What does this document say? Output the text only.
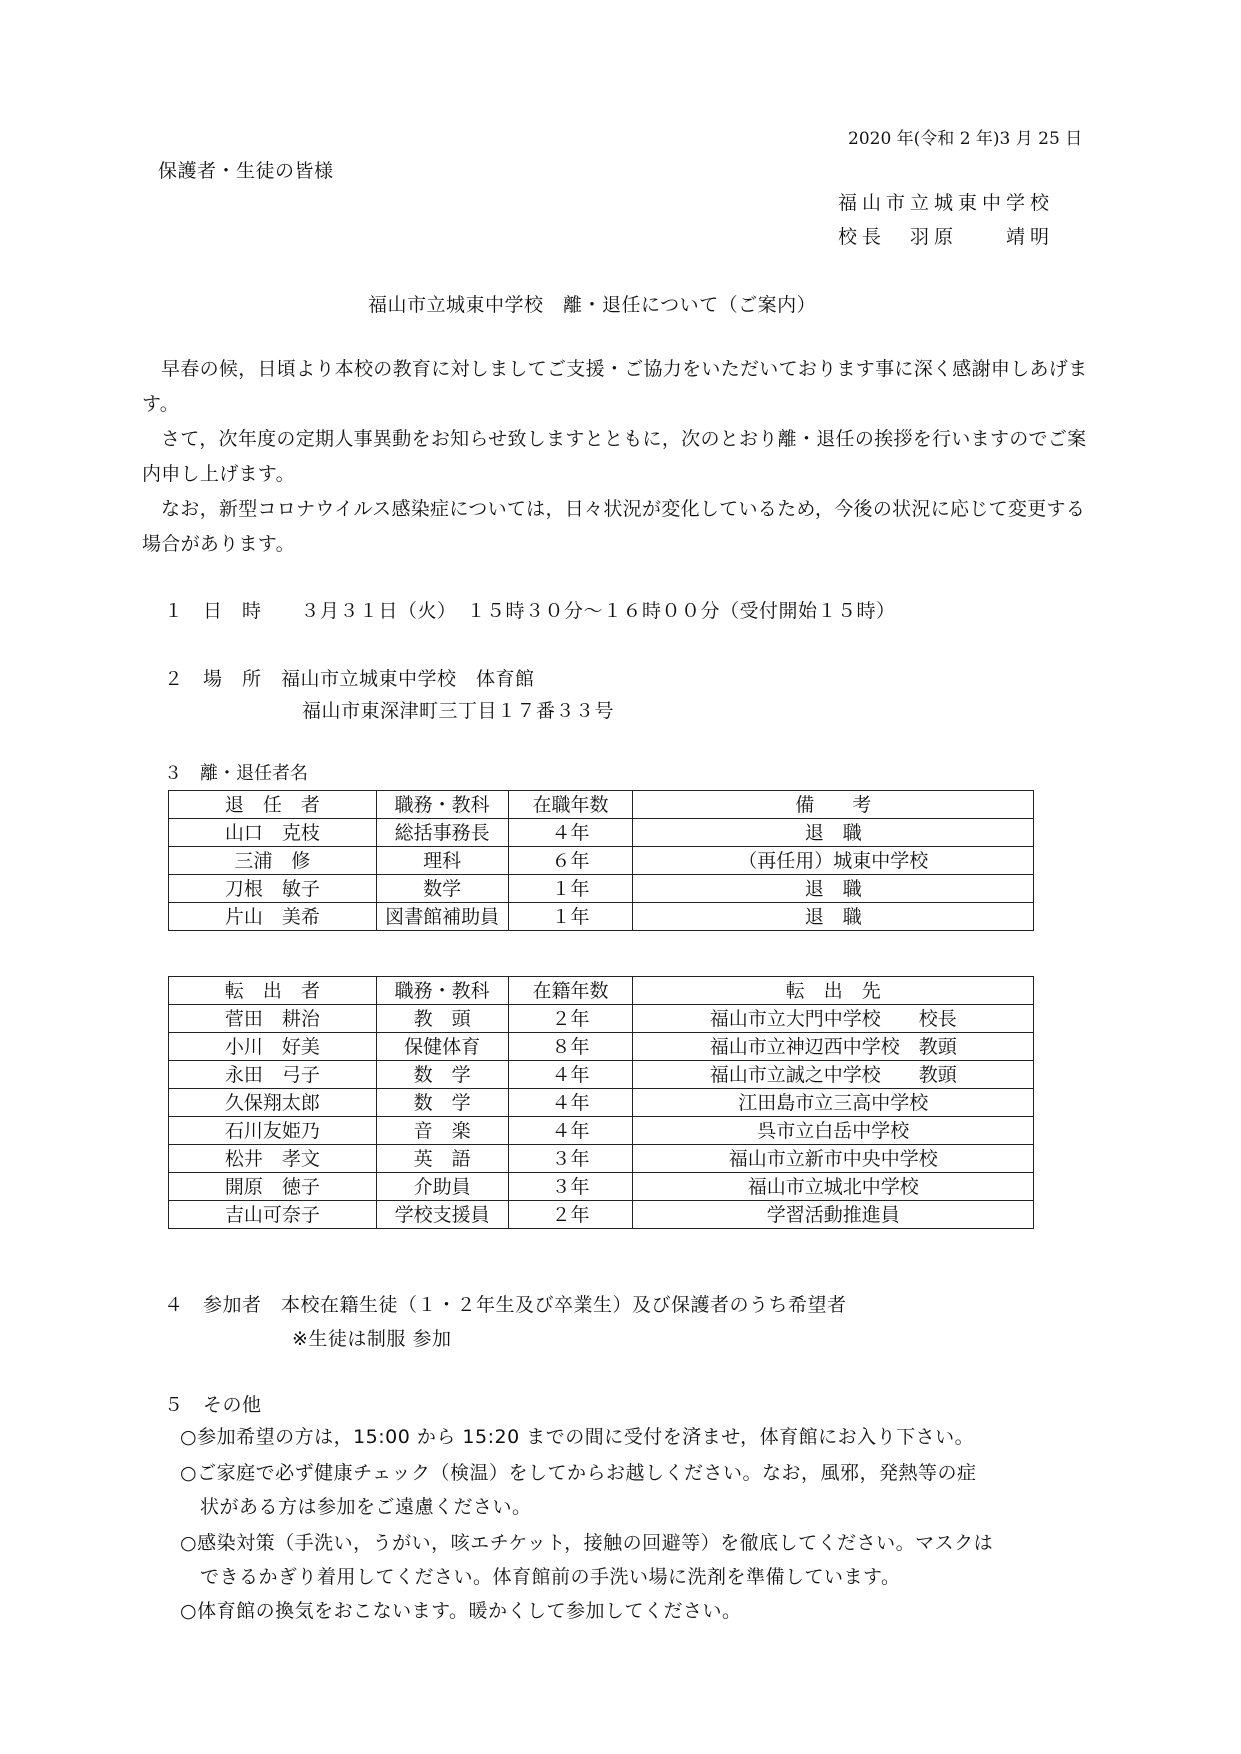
2020 年(令和 2 年)3 月 25 日
保護者・生徒の皆様
福山市立城東中学校
校長　羽原　　靖明
福山市立城東中学校　離・退任について（ご案内）
早春の候，日頃より本校の教育に対しましてご支援・ご協力をいただいております事に深く感謝申しあげます。
さて，次年度の定期人事異動をお知らせ致しますとともに，次のとおり離・退任の挨拶を行いますのでご案内申し上げます。
なお，新型コロナウイルス感染症については，日々状況が変化しているため，今後の状況に応じて変更する場合があります。
１　日　時　　３月３１日（火）　１５時３０分～１６時００分（受付開始１５時）
２　場　所　福山市立城東中学校　体育館
福山市東深津町三丁目１７番３３号
３　離・退任者名
退　任　者	職務・教科	在職年数	備　　考
山口　克枝	総括事務長	４年	退　職
三浦　修	理科	６年	（再任用）城東中学校
刀根　敏子	数学	１年	退　職
片山　美希	図書館補助員	１年	退　職
転　出　者	職務・教科	在籍年数	転　出　先
菅田　耕治	教　頭	２年	福山市立大門中学校　　校長
小川　好美	保健体育	８年	福山市立神辺西中学校　教頭
永田　弓子	数　学	４年	福山市立誠之中学校　　教頭
久保翔太郎	数　学	４年	江田島市立三高中学校
石川友姫乃	音　楽	４年	呉市立白岳中学校
松井　孝文	英　語	３年	福山市立新市中央中学校
開原　徳子	介助員	３年	福山市立城北中学校
吉山可奈子	学校支援員	２年	学習活動推進員
４　参加者　本校在籍生徒（１・２年生及び卒業生）及び保護者のうち希望者
※生徒は制服 参加
５　その他
○参加希望の方は，15:00 から 15:20 までの間に受付を済ませ，体育館にお入り下さい。
○ご家庭で必ず健康チェック（検温）をしてからお越しください。なお，風邪，発熱等の症
状がある方は参加をご遠慮ください。
○感染対策（手洗い，うがい，咳エチケット，接触の回避等）を徹底してください。マスクは
できるかぎり着用してください。体育館前の手洗い場に洗剤を準備しています。
○体育館の換気をおこないます。暖かくして参加してください。
